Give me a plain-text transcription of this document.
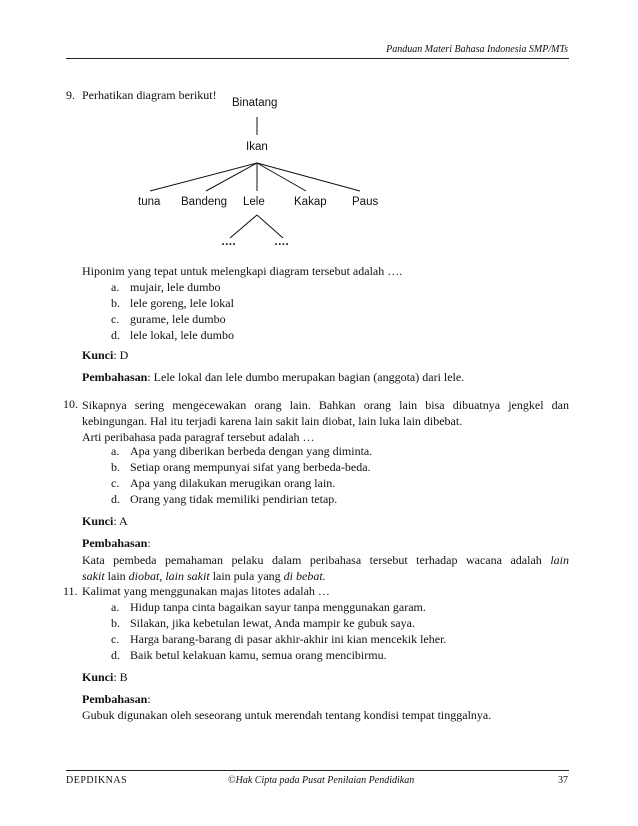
Panduan Materi Bahasa Indonesia SMP/MTs
9. Perhatikan diagram berikut!
Binatang
Ikan
tuna Bandeng Lele	Kakap Paus
….	….
Hiponim yang tepat untuk melengkapi diagram tersebut adalah ….
a. mujair, lele dumbo
b. lele goreng, lele lokal
c. gurame, lele dumbo
d. lele lokal, lele dumbo
Kunci: D
Pembahasan: Lele lokal dan lele dumbo merupakan bagian (anggota) dari lele.
10. Sikapnya sering mengecewakan orang lain. Bahkan orang lain bisa dibuatnya jengkel dan
kebingungan. Hal itu terjadi karena lain sakit lain diobat, lain luka lain dibebat.
Arti peribahasa pada paragraf tersebut adalah …
a. Apa yang diberikan berbeda dengan yang diminta.
b. Setiap orang mempunyai sifat yang berbeda-beda.
c. Apa yang dilakukan merugikan orang lain.
d. Orang yang tidak memiliki pendirian tetap.
Kunci: A
Pembahasan:
Kata pembeda pemahaman pelaku dalam peribahasa tersebut terhadap wacana adalah lain
sakit lain diobat, lain sakit lain pula yang di bebat.
11. Kalimat yang menggunakan majas litotes adalah …
a. Hidup tanpa cinta bagaikan sayur tanpa menggunakan garam.
b. Silakan, jika kebetulan lewat, Anda mampir ke gubuk saya.
c. Harga barang-barang di pasar akhir-akhir ini kian mencekik leher.
d. Baik betul kelakuan kamu, semua orang mencibirmu.
Kunci: B
Pembahasan:
Gubuk digunakan oleh seseorang untuk merendah tentang kondisi tempat tinggalnya.
DEPDIKNAS	©Hak Cipta pada Pusat Penilaian Pendidikan	37
